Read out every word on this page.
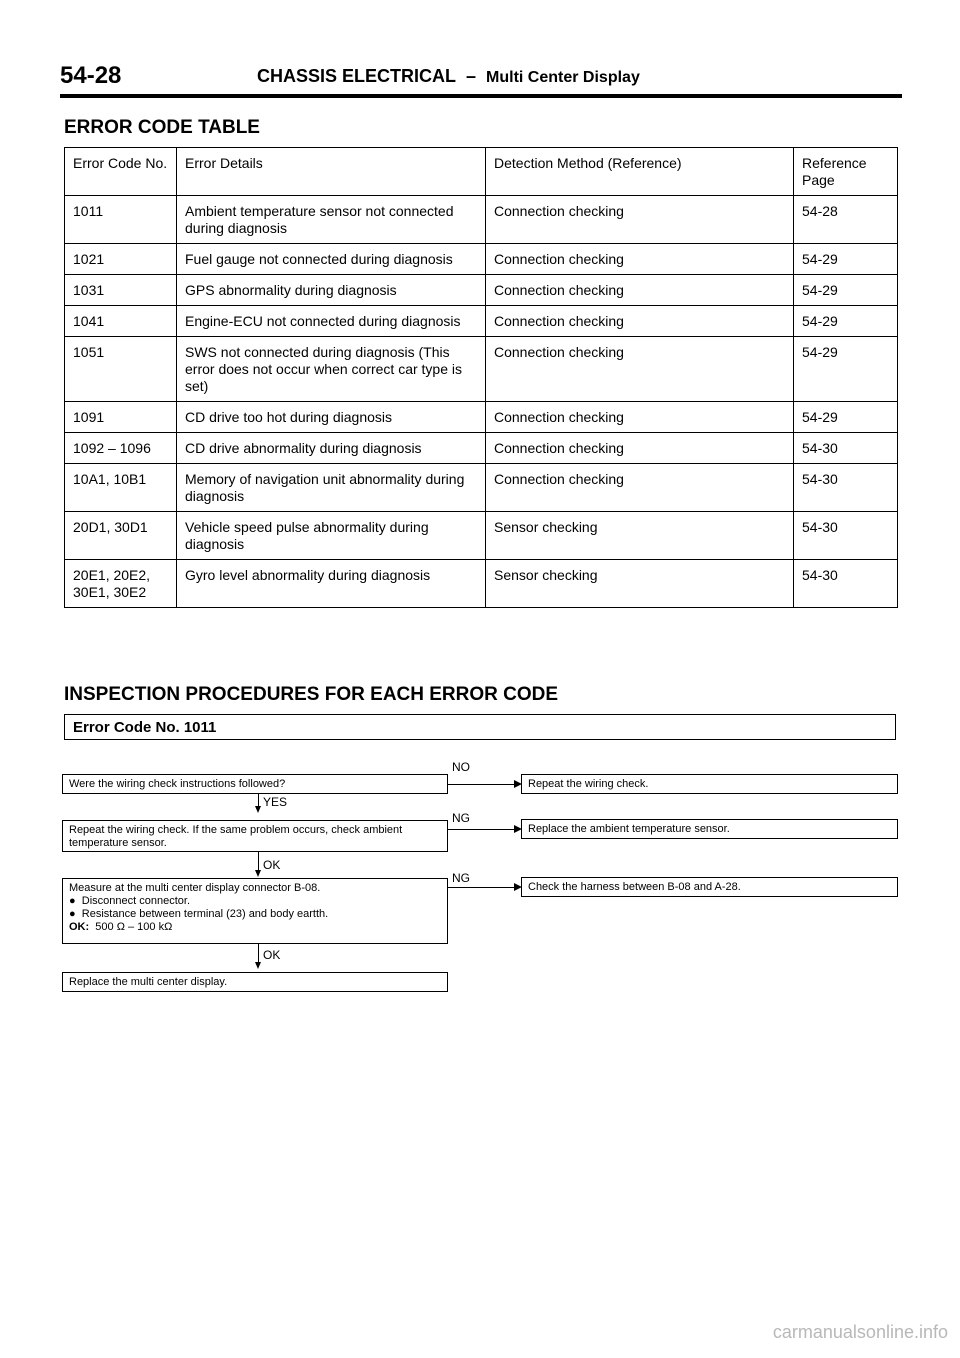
54-28	CHASSIS ELECTRICAL – Multi Center Display
ERROR CODE TABLE
Error Code No.	Error Details	Detection Method (Reference)	Reference Page
1011	Ambient temperature sensor not connected during diagnosis	Connection checking	54-28
1021	Fuel gauge not connected during diagnosis	Connection checking	54-29
1031	GPS abnormality during diagnosis	Connection checking	54-29
1041	Engine-ECU not connected during diagnosis	Connection checking	54-29
1051	SWS not connected during diagnosis (This error does not occur when correct car type is set)	Connection checking	54-29
1091	CD drive too hot during diagnosis	Connection checking	54-29
1092 – 1096	CD drive abnormality during diagnosis	Connection checking	54-30
10A1, 10B1	Memory of navigation unit abnormality during diagnosis	Connection checking	54-30
20D1, 30D1	Vehicle speed pulse abnormality during diagnosis	Sensor checking	54-30
20E1, 20E2, 30E1, 30E2	Gyro level abnormality during diagnosis	Sensor checking	54-30
INSPECTION PROCEDURES FOR EACH ERROR CODE
Error Code No. 1011
Were the wiring check instructions followed?
NO
Repeat the wiring check.
YES
Repeat the wiring check. If the same problem occurs, check ambient
temperature sensor.
NG
Replace the ambient temperature sensor.
OK
Measure at the multi center display connector B-08.
● Disconnect connector.
● Resistance between terminal (23) and body eartth.
OK: 500 Ω – 100 kΩ
NG
Check the harness between B-08 and A-28.
OK
Replace the multi center display.
carmanualsonline.info
